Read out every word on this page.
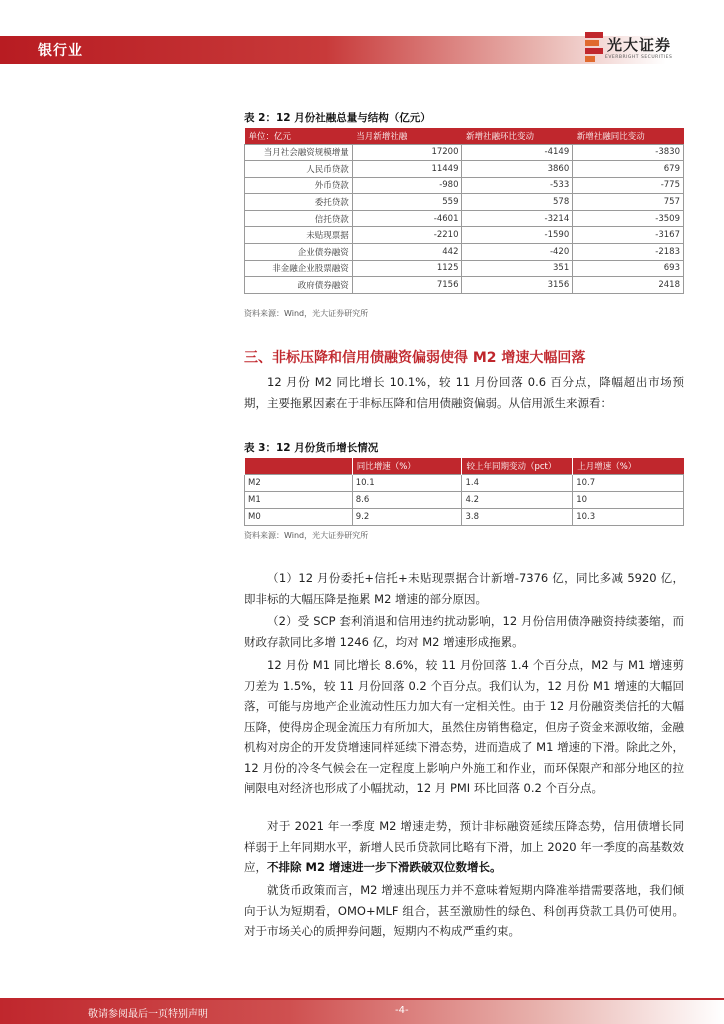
银行业	光大证券
EVERBRIGHT SECURITIES
表 2：12 月份社融总量与结构（亿元）
单位：亿元	当月新增社融	新增社融环比变动	新增社融同比变动
当月社会融资规模增量	17200	-4149	-3830
人民币贷款	11449	3860	679
外币贷款	-980	-533	-775
委托贷款	559	578	757
信托贷款	-4601	-3214	-3509
未贴现票据	-2210	-1590	-3167
企业债券融资	442	-420	-2183
非金融企业股票融资	1125	351	693
政府债券融资	7156	3156	2418
资料来源：Wind，光大证券研究所
三、非标压降和信用债融资偏弱使得 M2 增速大幅回落
12 月份 M2 同比增长 10.1%，较 11 月份回落 0.6 百分点，降幅超出市场预期，主要拖累因素在于非标压降和信用债融资偏弱。从信用派生来源看：
表 3：12 月份货币增长情况
	同比增速（%）	较上年同期变动（pct）	上月增速（%）
M2	10.1	1.4	10.7
M1	8.6	4.2	10
M0	9.2	3.8	10.3
资料来源：Wind，光大证券研究所
（1）12 月份委托+信托+未贴现票据合计新增-7376 亿，同比多减 5920 亿，即非标的大幅压降是拖累 M2 增速的部分原因。
（2）受 SCP 套利消退和信用违约扰动影响，12 月份信用债净融资持续萎缩，而财政存款同比多增 1246 亿，均对 M2 增速形成拖累。
12 月份 M1 同比增长 8.6%，较 11 月份回落 1.4 个百分点，M2 与 M1 增速剪刀差为 1.5%，较 11 月份回落 0.2 个百分点。我们认为，12 月份 M1 增速的大幅回落，可能与房地产企业流动性压力加大有一定相关性。由于 12 月份融资类信托的大幅压降，使得房企现金流压力有所加大，虽然住房销售稳定，但房子资金来源收缩，金融机构对房企的开发贷增速同样延续下滑态势，进而造成了 M1 增速的下滑。除此之外，12 月份的冷冬气候会在一定程度上影响户外施工和作业，而环保限产和部分地区的拉闸限电对经济也形成了小幅扰动，12 月 PMI 环比回落 0.2 个百分点。
对于 2021 年一季度 M2 增速走势，预计非标融资延续压降态势，信用债增长同样弱于上年同期水平，新增人民币贷款同比略有下滑，加上 2020 年一季度的高基数效应，不排除 M2 增速进一步下滑跌破双位数增长。
就货币政策而言，M2 增速出现压力并不意味着短期内降准举措需要落地，我们倾向于认为短期看，OMO+MLF 组合，甚至激励性的绿色、科创再贷款工具仍可使用。对于市场关心的质押券问题，短期内不构成严重约束。
敬请参阅最后一页特别声明	-4-
